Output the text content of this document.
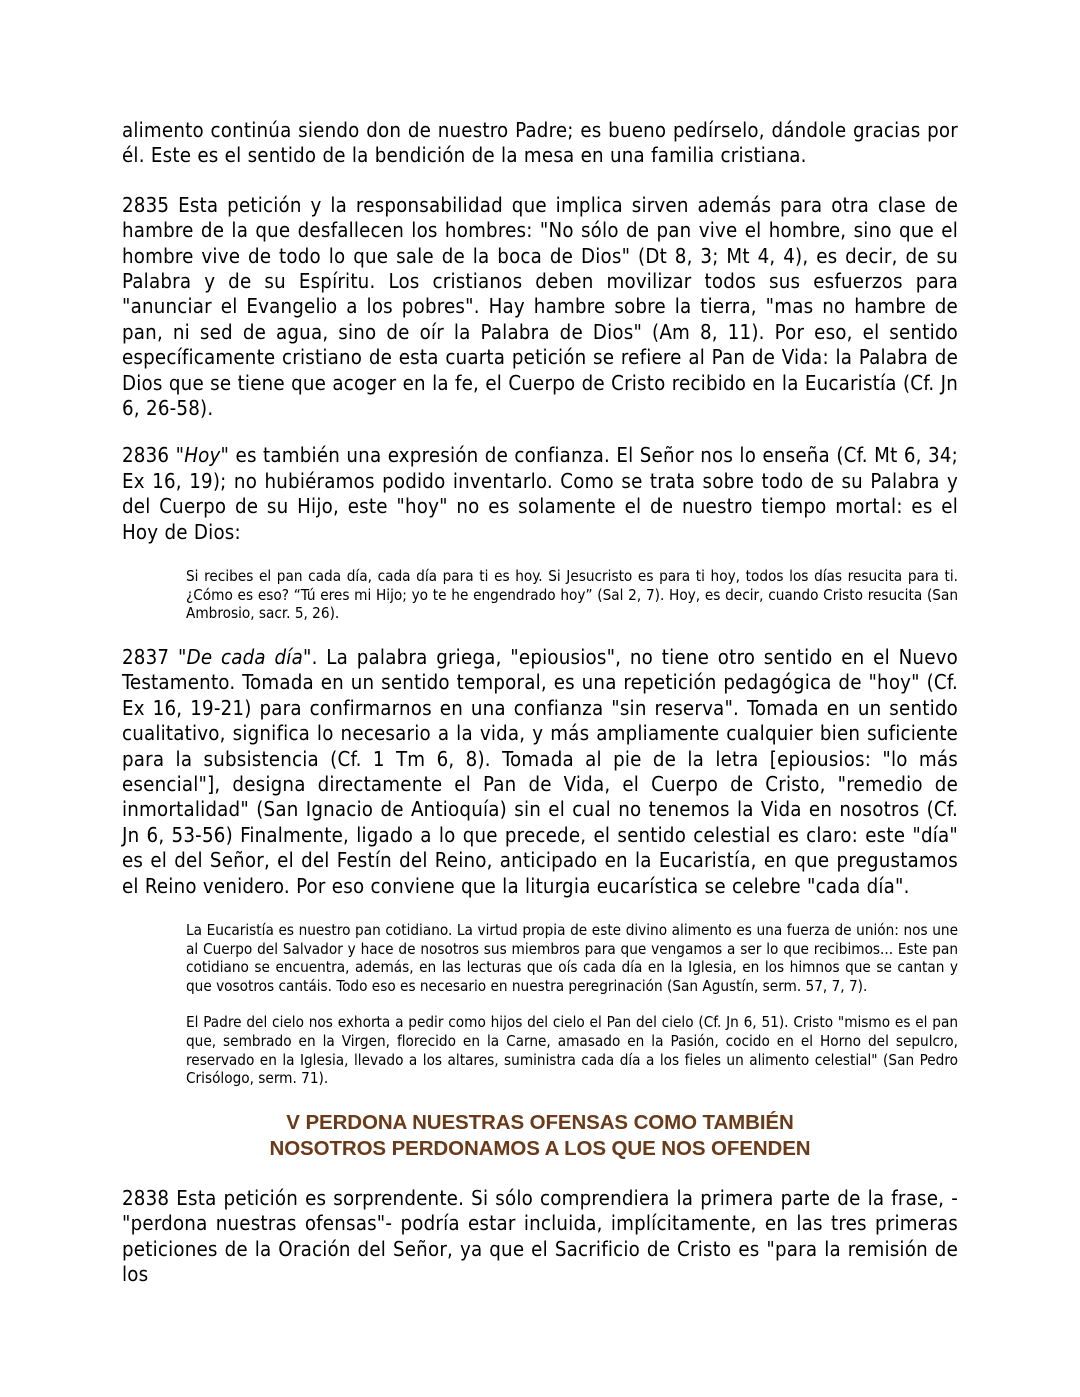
alimento continúa siendo don de nuestro Padre; es bueno pedírselo, dándole gracias por él. Este es el sentido de la bendición de la mesa en una familia cristiana.

2835 Esta petición y la responsabilidad que implica sirven además para otra clase de hambre de la que desfallecen los hombres: "No sólo de pan vive el hombre, sino que el hombre vive de todo lo que sale de la boca de Dios" (Dt 8, 3; Mt 4, 4), es decir, de su Palabra y de su Espíritu. Los cristianos deben movilizar todos sus esfuerzos para "anunciar el Evangelio a los pobres". Hay hambre sobre la tierra, "mas no hambre de pan, ni sed de agua, sino de oír la Palabra de Dios" (Am 8, 11). Por eso, el sentido específicamente cristiano de esta cuarta petición se refiere al Pan de Vida: la Palabra de Dios que se tiene que acoger en la fe, el Cuerpo de Cristo recibido en la Eucaristía (Cf. Jn 6, 26-58).

2836 "Hoy" es también una expresión de confianza. El Señor nos lo enseña (Cf. Mt 6, 34; Ex 16, 19); no hubiéramos podido inventarlo. Como se trata sobre todo de su Palabra y del Cuerpo de su Hijo, este "hoy" no es solamente el de nuestro tiempo mortal: es el Hoy de Dios:

Si recibes el pan cada día, cada día para ti es hoy. Si Jesucristo es para ti hoy, todos los días resucita para ti. ¿Cómo es eso? “Tú eres mi Hijo; yo te he engendrado hoy” (Sal 2, 7). Hoy, es decir, cuando Cristo resucita (San Ambrosio, sacr. 5, 26).

2837 "De cada día". La palabra griega, "epiousios", no tiene otro sentido en el Nuevo Testamento. Tomada en un sentido temporal, es una repetición pedagógica de "hoy" (Cf. Ex 16, 19-21) para confirmarnos en una confianza "sin reserva". Tomada en un sentido cualitativo, significa lo necesario a la vida, y más ampliamente cualquier bien suficiente para la subsistencia (Cf. 1 Tm 6, 8). Tomada al pie de la letra [epiousios: "lo más esencial"], designa directamente el Pan de Vida, el Cuerpo de Cristo, "remedio de inmortalidad" (San Ignacio de Antioquía) sin el cual no tenemos la Vida en nosotros (Cf. Jn 6, 53-56) Finalmente, ligado a lo que precede, el sentido celestial es claro: este "día" es el del Señor, el del Festín del Reino, anticipado en la Eucaristía, en que pregustamos el Reino venidero. Por eso conviene que la liturgia eucarística se celebre "cada día".

La Eucaristía es nuestro pan cotidiano. La virtud propia de este divino alimento es una fuerza de unión: nos une al Cuerpo del Salvador y hace de nosotros sus miembros para que vengamos a ser lo que recibimos... Este pan cotidiano se encuentra, además, en las lecturas que oís cada día en la Iglesia, en los himnos que se cantan y que vosotros cantáis. Todo eso es necesario en nuestra peregrinación (San Agustín, serm. 57, 7, 7).

El Padre del cielo nos exhorta a pedir como hijos del cielo el Pan del cielo (Cf. Jn 6, 51). Cristo "mismo es el pan que, sembrado en la Virgen, florecido en la Carne, amasado en la Pasión, cocido en el Horno del sepulcro, reservado en la Iglesia, llevado a los altares, suministra cada día a los fieles un alimento celestial" (San Pedro Crisólogo, serm. 71).

V PERDONA NUESTRAS OFENSAS COMO TAMBIÉN
NOSOTROS PERDONAMOS A LOS QUE NOS OFENDEN

2838 Esta petición es sorprendente. Si sólo comprendiera la primera parte de la frase, -"perdona nuestras ofensas"- podría estar incluida, implícitamente, en las tres primeras peticiones de la Oración del Señor, ya que el Sacrificio de Cristo es "para la remisión de los
